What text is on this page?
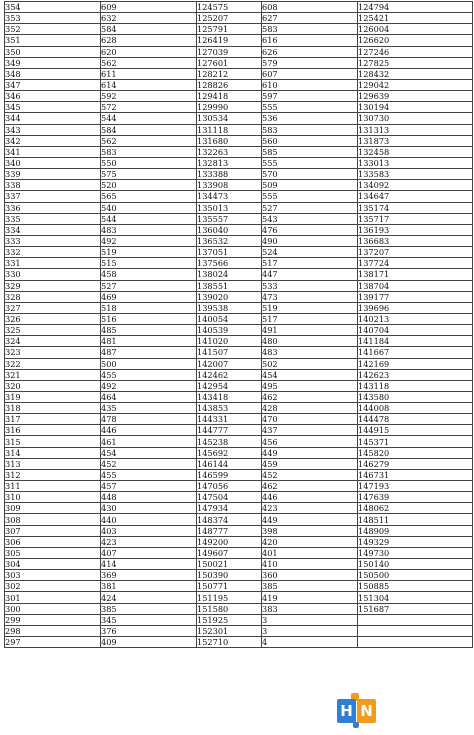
354	609	124575	608	124794
353	632	125207	627	125421
352	584	125791	583	126004
351	628	126419	616	126620
350	620	127039	626	127246
349	562	127601	579	127825
348	611	128212	607	128432
347	614	128826	610	129042
346	592	129418	597	129639
345	572	129990	555	130194
344	544	130534	536	130730
343	584	131118	583	131313
342	562	131680	560	131873
341	583	132263	585	132458
340	550	132813	555	133013
339	575	133388	570	133583
338	520	133908	509	134092
337	565	134473	555	134647
336	540	135013	527	135174
335	544	135557	543	135717
334	483	136040	476	136193
333	492	136532	490	136683
332	519	137051	524	137207
331	515	137566	517	137724
330	458	138024	447	138171
329	527	138551	533	138704
328	469	139020	473	139177
327	518	139538	519	139696
326	516	140054	517	140213
325	485	140539	491	140704
324	481	141020	480	141184
323	487	141507	483	141667
322	500	142007	502	142169
321	455	142462	454	142623
320	492	142954	495	143118
319	464	143418	462	143580
318	435	143853	428	144008
317	478	144331	470	144478
316	446	144777	437	144915
315	461	145238	456	145371
314	454	145692	449	145820
313	452	146144	459	146279
312	455	146599	452	146731
311	457	147056	462	147193
310	448	147504	446	147639
309	430	147934	423	148062
308	440	148374	449	148511
307	403	148777	398	148909
306	423	149200	420	149329
305	407	149607	401	149730
304	414	150021	410	150140
303	369	150390	360	150500
302	381	150771	385	150885
301	424	151195	419	151304
300	385	151580	383	151687
299	345	151925	3	
298	376	152301	3	
297	409	152710	4	
H N
